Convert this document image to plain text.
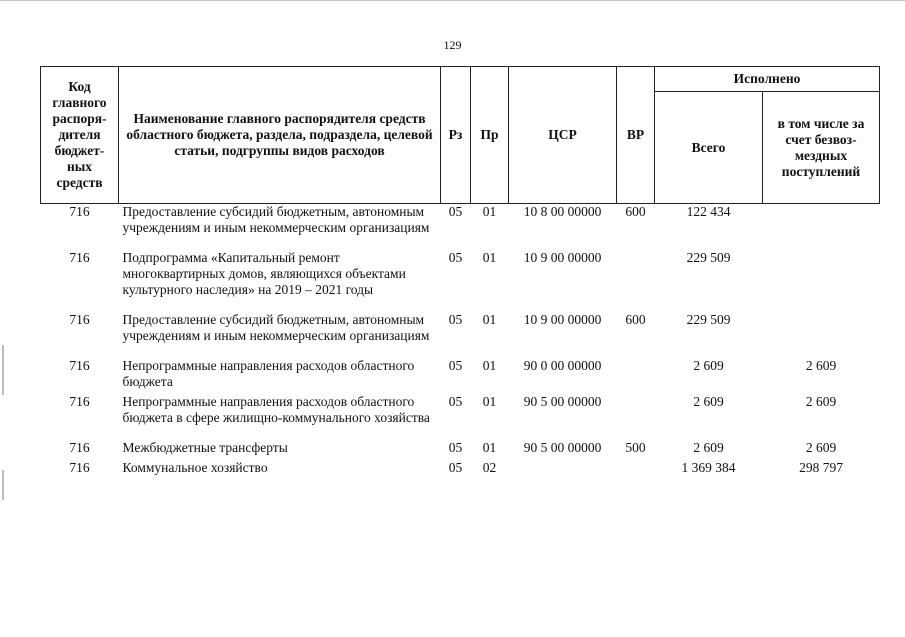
129
Код главного распоря-дителя бюджет-ных средств	Наименование главного распорядителя средств областного бюджета, раздела, подраздела, целевой статьи, подгруппы видов расходов	Рз	Пр	ЦСР	ВР	Исполнено	
						Всего	в том числе за счет безвоз-мездных поступлений
716	Предоставление субсидий бюджетным, автономным учреждениям и иным некоммерческим организациям	05	01	10 8 00 00000	600	122 434	
716	Подпрограмма «Капитальный ремонт многоквартирных домов, являющихся объектами культурного наследия» на 2019 – 2021 годы	05	01	10 9 00 00000		229 509	
716	Предоставление субсидий бюджетным, автономным учреждениям и иным некоммерческим организациям	05	01	10 9 00 00000	600	229 509	
716	Непрограммные направления расходов областного бюджета	05	01	90 0 00 00000		2 609	2 609
716	Непрограммные направления расходов областного бюджета в сфере жилищно-коммунального хозяйства	05	01	90 5 00 00000		2 609	2 609
716	Межбюджетные трансферты	05	01	90 5 00 00000	500	2 609	2 609
716	Коммунальное хозяйство	05	02			1 369 384	298 797
